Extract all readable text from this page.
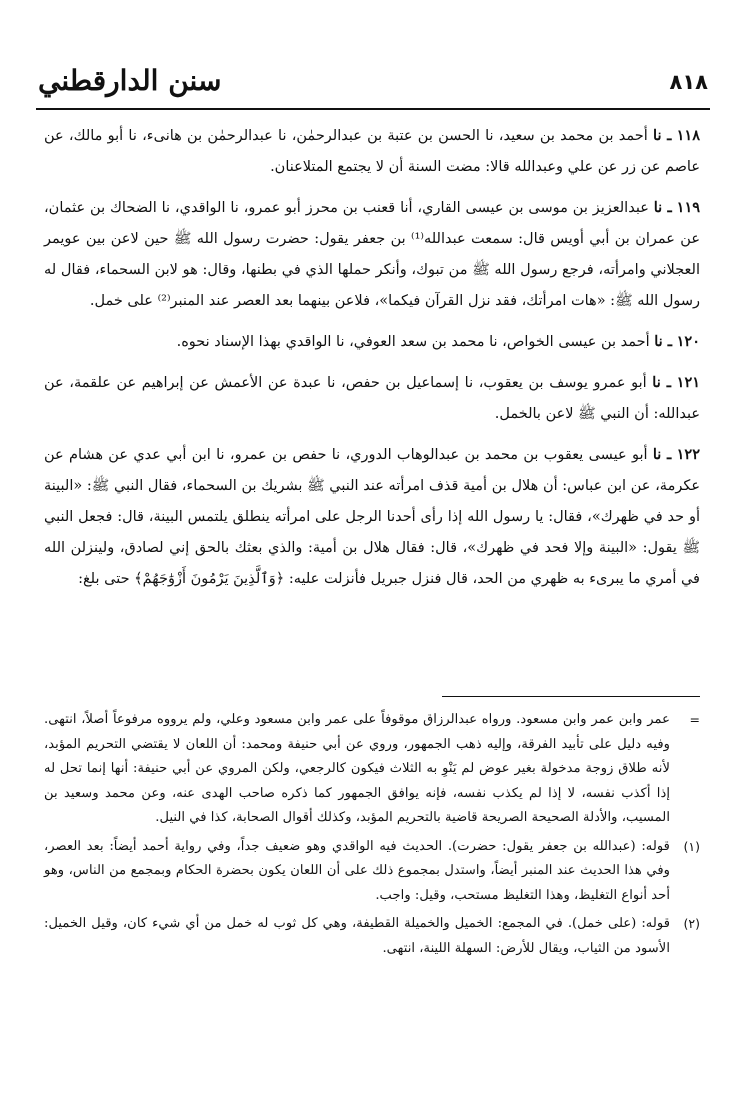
٨١٨
سنن الدارقطني

١١٨ ـ نا أحمد بن محمد بن سعيد، نا الحسن بن عتبة بن عبدالرحمٰن، نا عبدالرحمٰن بن هانىء، نا أبو مالك، عن عاصم عن زر عن علي وعبدالله قالا: مضت السنة أن لا يجتمع المتلاعنان.

١١٩ ـ نا عبدالعزيز بن موسى بن عيسى القاري، أنا قعنب بن محرز أبو عمرو، نا الواقدي، نا الضحاك بن عثمان، عن عمران بن أبي أويس قال: سمعت عبدالله⁽¹⁾ بن جعفر يقول: حضرت رسول الله ﷺ حين لاعن بين عويمر العجلاني وامرأته، فرجع رسول الله ﷺ من تبوك، وأنكر حملها الذي في بطنها، وقال: هو لابن السحماء، فقال له رسول الله ﷺ: «هات امرأتك، فقد نزل القرآن فيكما»، فلاعن بينهما بعد العصر عند المنبر⁽²⁾ على خمل.

١٢٠ ـ نا أحمد بن عيسى الخواص، نا محمد بن سعد العوفي، نا الواقدي بهذا الإسناد نحوه.

١٢١ ـ نا أبو عمرو يوسف بن يعقوب، نا إسماعيل بن حفص، نا عبدة عن الأعمش عن إبراهيم عن علقمة، عن عبدالله: أن النبي ﷺ لاعن بالخمل.

١٢٢ ـ نا أبو عيسى يعقوب بن محمد بن عبدالوهاب الدوري، نا حفص بن عمرو، نا ابن أبي عدي عن هشام عن عكرمة، عن ابن عباس: أن هلال بن أمية قذف امرأته عند النبي ﷺ بشريك بن السحماء، فقال النبي ﷺ: «البينة أو حد في ظهرك»، فقال: يا رسول الله إذا رأى أحدنا الرجل على امرأته ينطلق يلتمس البينة، قال: فجعل النبي ﷺ يقول: «البينة وإلا فحد في ظهرك»، قال: فقال هلال بن أمية: والذي بعثك بالحق إني لصادق، ولينزلن الله في أمري ما يبرىء به ظهري من الحد، قال فنزل جبريل فأنزلت عليه: ﴿وَٱلَّذِينَ يَرْمُونَ أَزْوَٰجَهُمْ﴾ حتى بلغ:

=
عمر وابن عمر وابن مسعود. ورواه عبدالرزاق موقوفاً على عمر وابن مسعود وعلي، ولم يرووه مرفوعاً أصلاً، انتهى. وفيه دليل على تأبيد الفرقة، وإليه ذهب الجمهور، وروي عن أبي حنيفة ومحمد: أن اللعان لا يقتضي التحريم المؤبد، لأنه طلاق زوجة مدخولة بغير عوض لم يَنْوِ به الثلاث فيكون كالرجعي، ولكن المروي عن أبي حنيفة: أنها إنما تحل له إذا أكذب نفسه، لا إذا لم يكذب نفسه، فإنه يوافق الجمهور كما ذكره صاحب الهدى عنه، وعن محمد وسعيد بن المسيب، والأدلة الصحيحة الصريحة قاضية بالتحريم المؤبد، وكذلك أقوال الصحابة، كذا في النيل.

(١)
قوله: (عبدالله بن جعفر يقول: حضرت). الحديث فيه الواقدي وهو ضعيف جداً، وفي رواية أحمد أيضاً: بعد العصر، وفي هذا الحديث عند المنبر أيضاً، واستدل بمجموع ذلك على أن اللعان يكون بحضرة الحكام وبمجمع من الناس، وهو أحد أنواع التغليظ، وهذا التغليظ مستحب، وقيل: واجب.

(٢)
قوله: (على خمل). في المجمع: الخميل والخميلة القطيفة، وهي كل ثوب له خمل من أي شيء كان، وقيل الخميل: الأسود من الثياب، ويقال للأرض: السهلة اللينة، انتهى.
